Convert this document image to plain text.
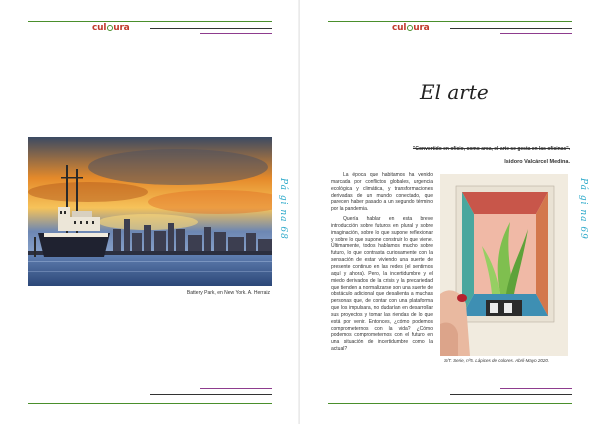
cul ura
Battery Park, en New York. A. Herraiz
Pá gi na 68
cul ura
El arte
"Convertido en oficio, como arca, el arte se gesta en las oficinas".
Isidoro Valcárcel Medina.

La época que habitamos ha venido marcada por conflictos globales, urgencia ecológica y climática, y transformaciones derivadas de un mundo conectado, que parecen haber pasado a un segundo término por la pandemia.

Quería hablar en esta breve introducción sobre futuros en plural y sobre imaginación, sobre lo que supone reflexionar y sobre lo que supone construir lo que viene. Últimamente, todos hablamos mucho sobre futuro, lo que contrasta curiosamente con la sensación de estar viviendo una suerte de presente continuo en las redes (el sentirnos aquí y ahora). Pero, la incertidumbre y el miedo derivados de la crisis y la precariedad que tienden a normalizarse son una suerte de obstáculo adicional que desalienta a muchas personas que, de contar con una plataforma que los impulsara, no dudarían en desarrollar sus proyectos y tomar las riendas de lo que está por venir. Entonces, ¿cómo podemos comprometernos con la vida? ¿Cómo podemos comprometernos con el futuro en una situación de incertidumbre como la actual?

S/T. Serie, nº5. Lápices de colores. Abril-Mayo 2020.
Pá gi na 69
